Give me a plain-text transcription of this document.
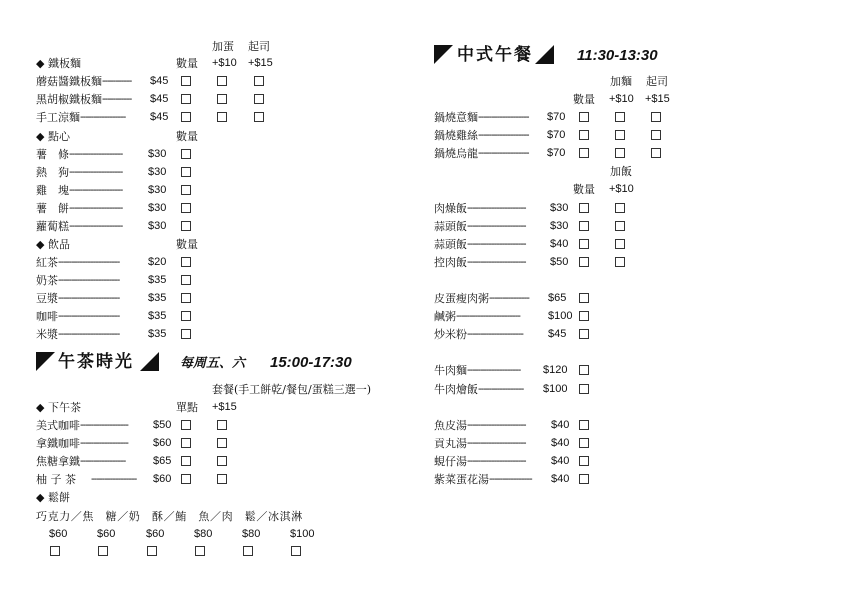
加蛋 起司
+$10 +$15
◆ 鐵板麵	數量
蘑菇醬鐵板麵 ----------- $45
黑胡椒鐵板麵 ----------- $45
手工涼麵 ----------------- $45
◆ 點心	數量
薯　條 -------------------- $30
熱　狗 -------------------- $30
雞　塊 -------------------- $30
薯　餅 -------------------- $30
蘿蔔糕 -------------------- $30
◆ 飲品	數量
紅茶 -----------------------	$20
奶茶 -----------------------	$35
豆漿 -----------------------	$35
咖啡 -----------------------	$35
米漿 -----------------------	$35
午茶時光	每周五、六 15:00-17:30
套餐(手工餅乾/餐包/蛋糕三選一)
◆ 下午茶	單點 +$15
美式咖啡 ------------------ $50
拿鐵咖啡 ------------------ $60
焦糖拿鐵 -----------------	$65
柚 子 茶 ----------------- $60
◆ 鬆餅
巧克力／焦　糖／奶　酥／鮪　魚／肉　鬆／冰淇淋
$60	$60	$60	$80	$80	$100
中式午餐	11:30-13:30
加麵 起司
數量 +$10 +$15
鍋燒意麵 ------------------- $70
鍋燒雞絲 ------------------- $70
鍋燒烏龍 ------------------- $70
加飯
數量 +$10
肉燥飯 ---------------------- $30
蒜頭飯 ---------------------- $30
蒜頭飯 ---------------------- $40
控肉飯 ---------------------- $50
皮蛋瘦肉粥 --------------- $65
鹹粥 ------------------------	$100
炒米粉 --------------------- $45
牛肉麵 -------------------- $120
牛肉燴飯 ----------------- $100
魚皮湯 ---------------------- $40
貢丸湯 ---------------------- $40
蜆仔湯 ---------------------- $40
紫菜蛋花湯 ---------------- $40
